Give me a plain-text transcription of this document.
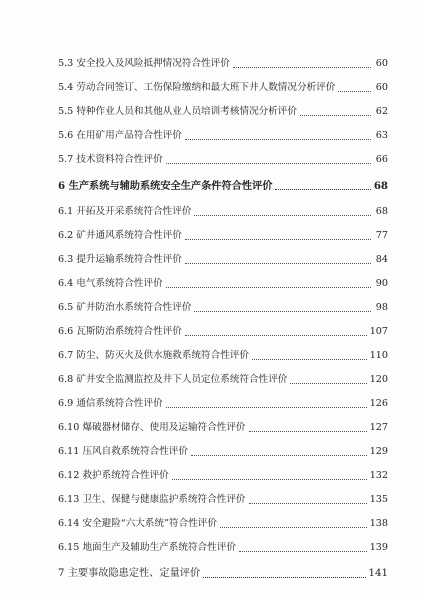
5.3 安全投入及风险抵押情况符合性评价	60
5.4 劳动合同签订、工伤保险缴纳和最大班下井人数情况分析评价	60
5.5 特种作业人员和其他从业人员培训考核情况分析评价	62
5.6 在用矿用产品符合性评价	63
5.7 技术资料符合性评价	66
6 生产系统与辅助系统安全生产条件符合性评价	68
6.1 开拓及开采系统符合性评价	68
6.2 矿井通风系统符合性评价	77
6.3 提升运输系统符合性评价	84
6.4 电气系统符合性评价	90
6.5 矿井防治水系统符合性评价	98
6.6 瓦斯防治系统符合性评价	107
6.7 防尘、防灭火及供水施救系统符合性评价	110
6.8 矿井安全监测监控及井下人员定位系统符合性评价	120
6.9 通信系统符合性评价	126
6.10 爆破器材储存、使用及运输符合性评价	127
6.11 压风自救系统符合性评价	129
6.12 救护系统符合性评价	132
6.13 卫生、保健与健康监护系统符合性评价	135
6.14 安全避险“六大系统”符合性评价	138
6.15 地面生产及辅助生产系统符合性评价	139
7 主要事故隐患定性、定量评价	141
